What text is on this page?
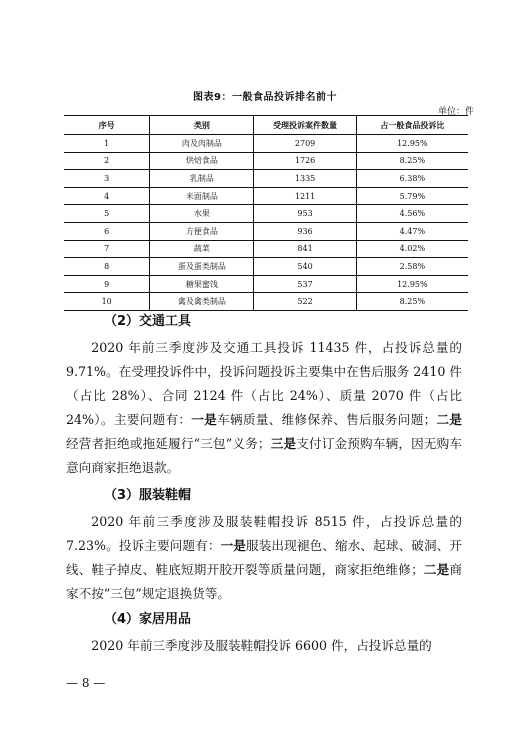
图表9：一般食品投诉排名前十
单位：件
序号	类别	受理投诉案件数量	占一般食品投诉比
1	肉及肉制品	2709	12.95%
2	烘焙食品	1726	8.25%
3	乳制品	1335	6.38%
4	米面制品	1211	5.79%
5	水果	953	4.56%
6	方便食品	936	4.47%
7	蔬菜	841	4.02%
8	蛋及蛋类制品	540	2.58%
9	糖果蜜饯	537	12.95%
10	禽及禽类制品	522	8.25%
（2）交通工具
2020 年前三季度涉及交通工具投诉 11435 件，占投诉总量的 9.71%。在受理投诉件中，投诉问题投诉主要集中在售后服务 2410 件（占比 28%）、合同 2124 件（占比 24%）、质量 2070 件（占比 24%）。主要问题有：一是车辆质量、维修保养、售后服务问题；二是经营者拒绝或拖延履行“三包”义务；三是支付订金预购车辆，因无购车意向商家拒绝退款。
（3）服装鞋帽
2020 年前三季度涉及服装鞋帽投诉 8515 件，占投诉总量的 7.23%。投诉主要问题有：一是服装出现褪色、缩水、起球、破洞、开线、鞋子掉皮、鞋底短期开胶开裂等质量问题，商家拒绝维修；二是商家不按“三包”规定退换货等。
（4）家居用品
2020 年前三季度涉及服装鞋帽投诉 6600 件，占投诉总量的
— 8 —
